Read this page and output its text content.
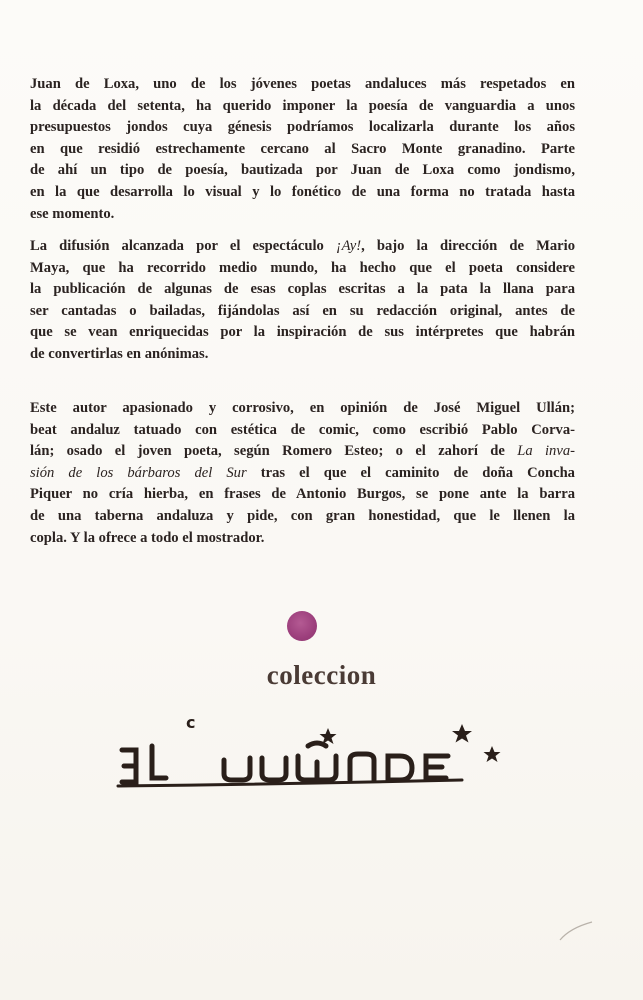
Juan de Loxa, uno de los jóvenes poetas andaluces más respetados en
la década del setenta, ha querido imponer la poesía de vanguardia a unos
presupuestos jondos cuya génesis podríamos localizarla durante los años
en que residió estrechamente cercano al Sacro Monte granadino. Parte
de ahí un tipo de poesía, bautizada por Juan de Loxa como jondismo,
en la que desarrolla lo visual y lo fonético de una forma no tratada hasta
ese momento.
La difusión alcanzada por el espectáculo ¡Ay!, bajo la dirección de Mario
Maya, que ha recorrido medio mundo, ha hecho que el poeta considere
la publicación de algunas de esas coplas escritas a la pata la llana para
ser cantadas o bailadas, fijándolas así en su redacción original, antes de
que se vean enriquecidas por la inspiración de sus intérpretes que habrán
de convertirlas en anónimas.
Este autor apasionado y corrosivo, en opinión de José Miguel Ullán;
beat andaluz tatuado con estética de comic, como escribió Pablo Corva-
lán; osado el joven poeta, según Romero Esteo; o el zahorí de La inva-
sión de los bárbaros del Sur tras el que el caminito de doña Concha
Piquer no cría hierba, en frases de Antonio Burgos, se pone ante la barra
de una taberna andaluza y pide, con gran honestidad, que le llenen la
copla. Y la ofrece a todo el mostrador.
coleccion
c
